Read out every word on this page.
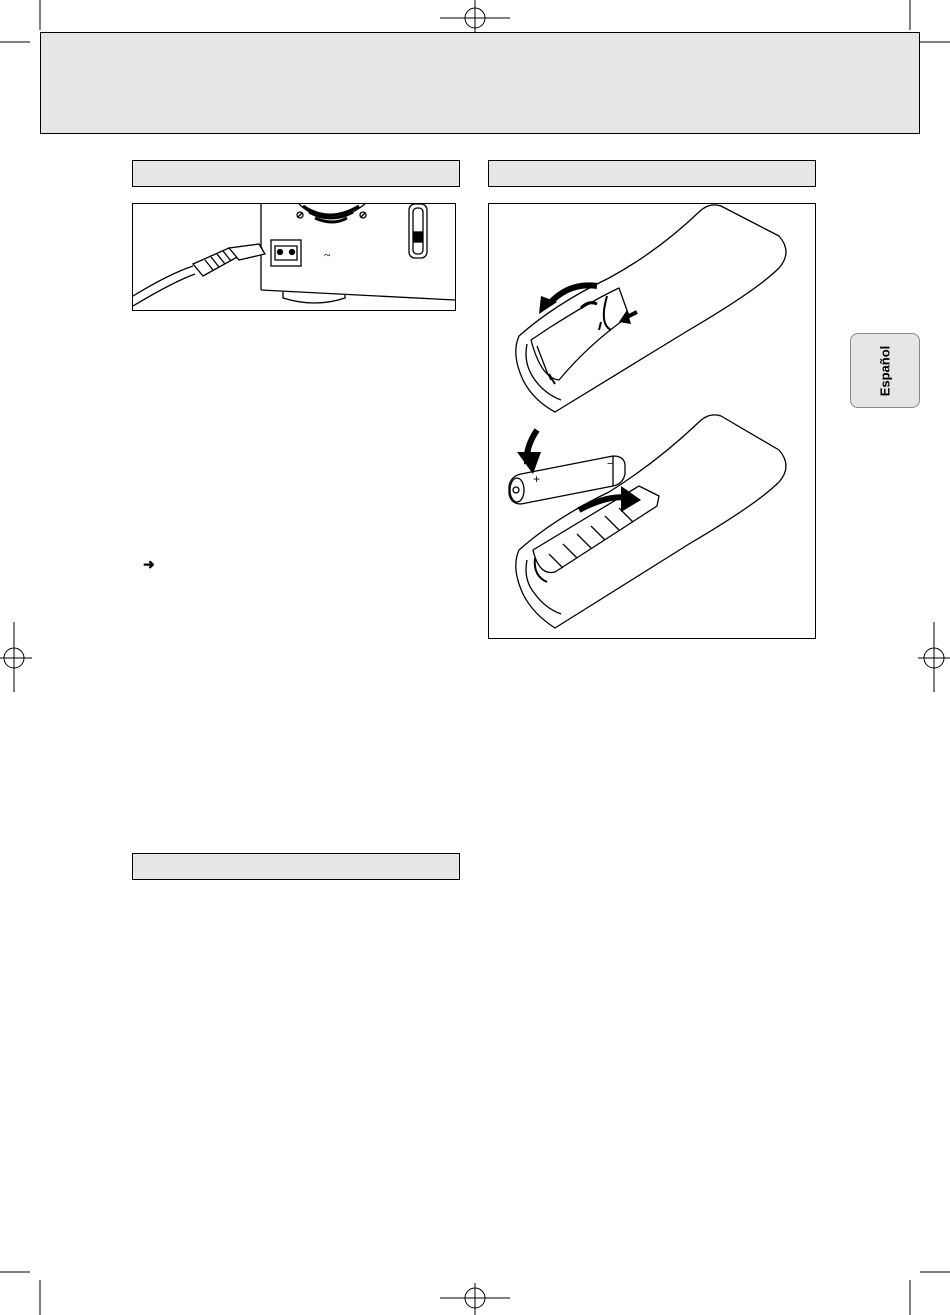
~
+
−
Español
➜
